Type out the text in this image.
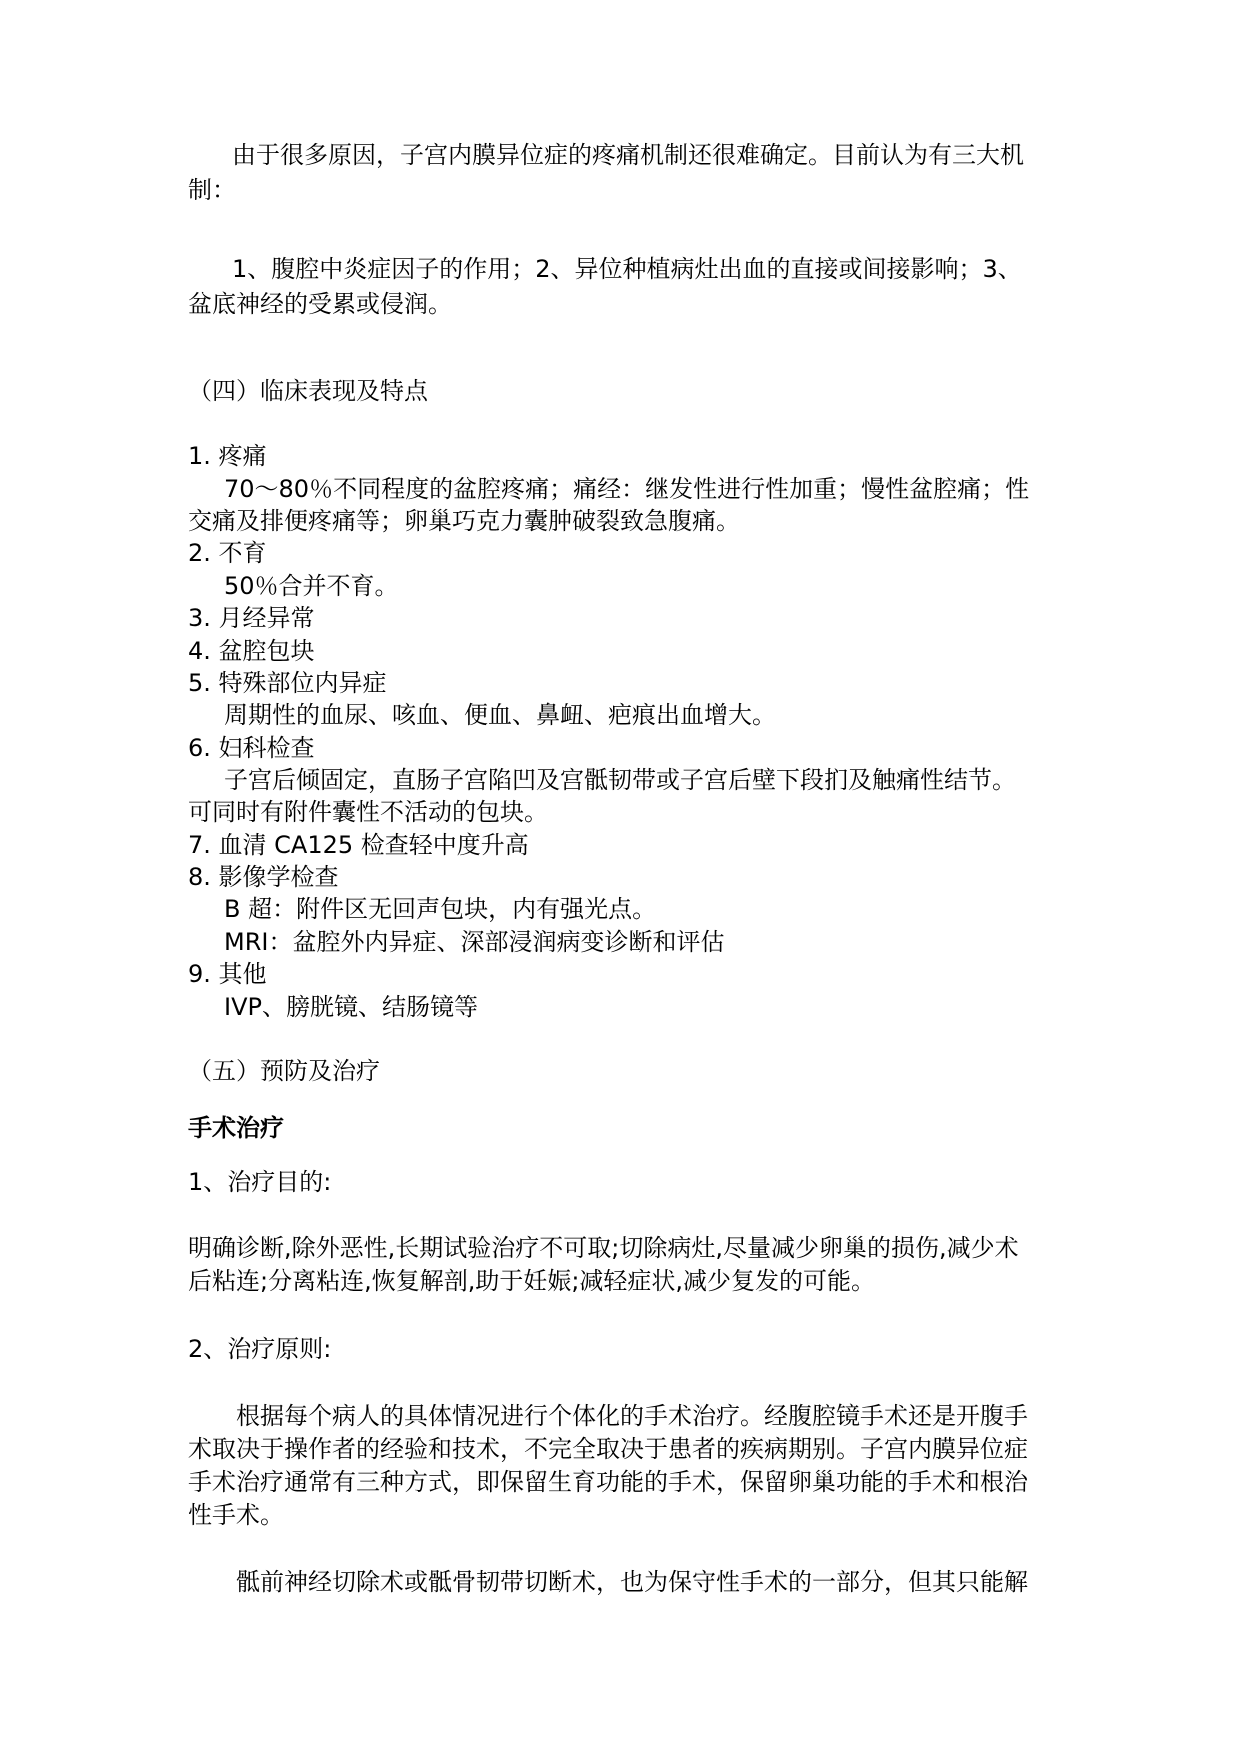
由于很多原因，子宫内膜异位症的疼痛机制还很难确定。目前认为有三大机
制：
1、腹腔中炎症因子的作用；2、异位种植病灶出血的直接或间接影响；3、
盆底神经的受累或侵润。
（四）临床表现及特点
1. 疼痛
70～80％不同程度的盆腔疼痛；痛经：继发性进行性加重；慢性盆腔痛；性
交痛及排便疼痛等；卵巢巧克力囊肿破裂致急腹痛。
2. 不育
50％合并不育。
3. 月经异常
4. 盆腔包块
5. 特殊部位内异症
周期性的血尿、咳血、便血、鼻衄、疤痕出血增大。
6. 妇科检查
子宫后倾固定，直肠子宫陷凹及宫骶韧带或子宫后壁下段扪及触痛性结节。
可同时有附件囊性不活动的包块。
7. 血清 CA125 检查轻中度升高
8. 影像学检查
B 超：附件区无回声包块，内有强光点。
MRI：盆腔外内异症、深部浸润病变诊断和评估
9. 其他
IVP、膀胱镜、结肠镜等
（五）预防及治疗
手术治疗
1、治疗目的:
明确诊断,除外恶性,长期试验治疗不可取;切除病灶,尽量减少卵巢的损伤,减少术
后粘连;分离粘连,恢复解剖,助于妊娠;减轻症状,减少复发的可能。
2、治疗原则:
根据每个病人的具体情况进行个体化的手术治疗。经腹腔镜手术还是开腹手
术取决于操作者的经验和技术，不完全取决于患者的疾病期别。子宫内膜异位症
手术治疗通常有三种方式，即保留生育功能的手术，保留卵巢功能的手术和根治
性手术。
骶前神经切除术或骶骨韧带切断术，也为保守性手术的一部分，但其只能解
